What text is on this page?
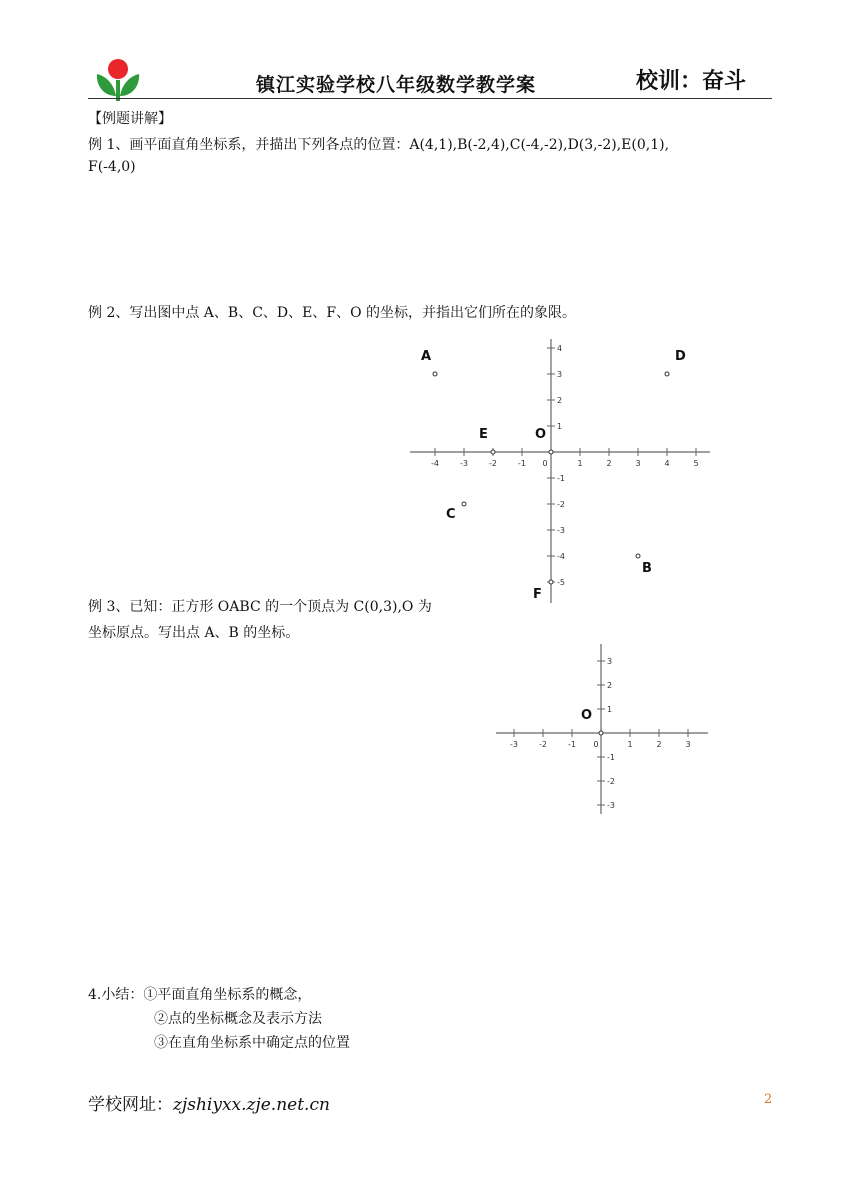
镇江实验学校八年级数学教学案	校训：奋斗
【例题讲解】
例 1、画平面直角坐标系，并描出下列各点的位置：A(4,1),B(-2,4),C(-4,-2),D(3,-2),E(0,1),
F(-4,0)
例 2、写出图中点 A、B、C、D、E、F、O 的坐标，并指出它们所在的象限。
-4	-3	-2	-1 0	1	2	3	4	5
4
3
2
1
-1
-2
-3
-4
-5
A	D
E	O
C
B
F
例 3、已知：正方形 OABC 的一个顶点为 C(0,3),O 为
坐标原点。写出点 A、B 的坐标。
-3	-2	-1 0	1	2	3
3
2
1
-1
-2
-3
O
4.小结：①平面直角坐标系的概念，
②点的坐标概念及表示方法
③在直角坐标系中确定点的位置
学校网址：zjshiyxx.zje.net.cn	2
